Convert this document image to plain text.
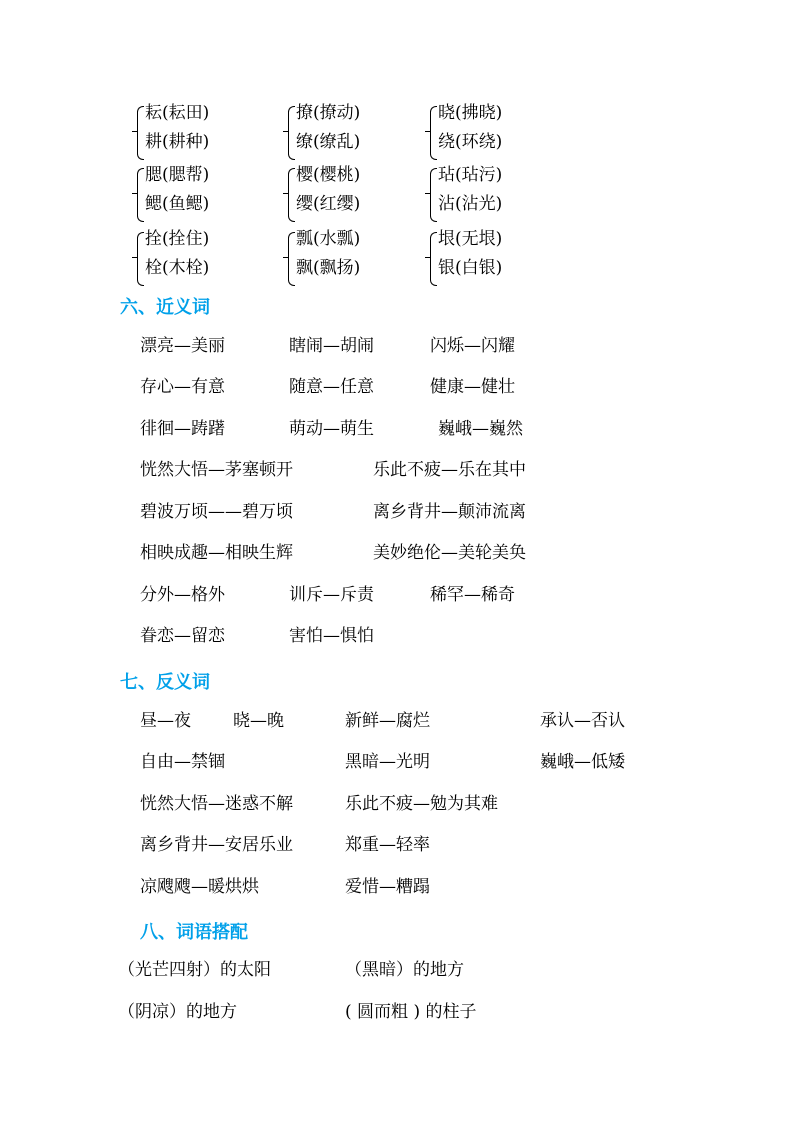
耘(耘田)
耕(耕种)
撩(撩动)
缭(缭乱)
晓(拂晓)
绕(环绕)
腮(腮帮)
鳃(鱼鳃)
樱(樱桃)
缨(红缨)
玷(玷污)
沾(沾光)
拴(拴住)
栓(木栓)
瓢(水瓢)
飘(飘扬)
垠(无垠)
银(白银)
六、近义词
漂亮—美丽	瞎闹—胡闹	闪烁—闪耀
存心—有意	随意—任意	健康—健壮
徘徊—踌躇	萌动—萌生	巍峨—巍然
恍然大悟—茅塞顿开	乐此不疲—乐在其中
碧波万顷——碧万顷	离乡背井—颠沛流离
相映成趣—相映生辉	美妙绝伦—美轮美奂
分外—格外	训斥—斥责	稀罕—稀奇
眷恋—留恋	害怕—惧怕
七、反义词
昼—夜 晓—晚	新鲜—腐烂	承认—否认
自由—禁锢	黑暗—光明	巍峨—低矮
恍然大悟—迷惑不解	乐此不疲—勉为其难
离乡背井—安居乐业	郑重—轻率
凉飕飕—暖烘烘	爱惜—糟蹋
八、词语搭配
（光芒四射）的太阳	（黑暗）的地方
（阴凉）的地方	( 圆而粗 ) 的柱子
